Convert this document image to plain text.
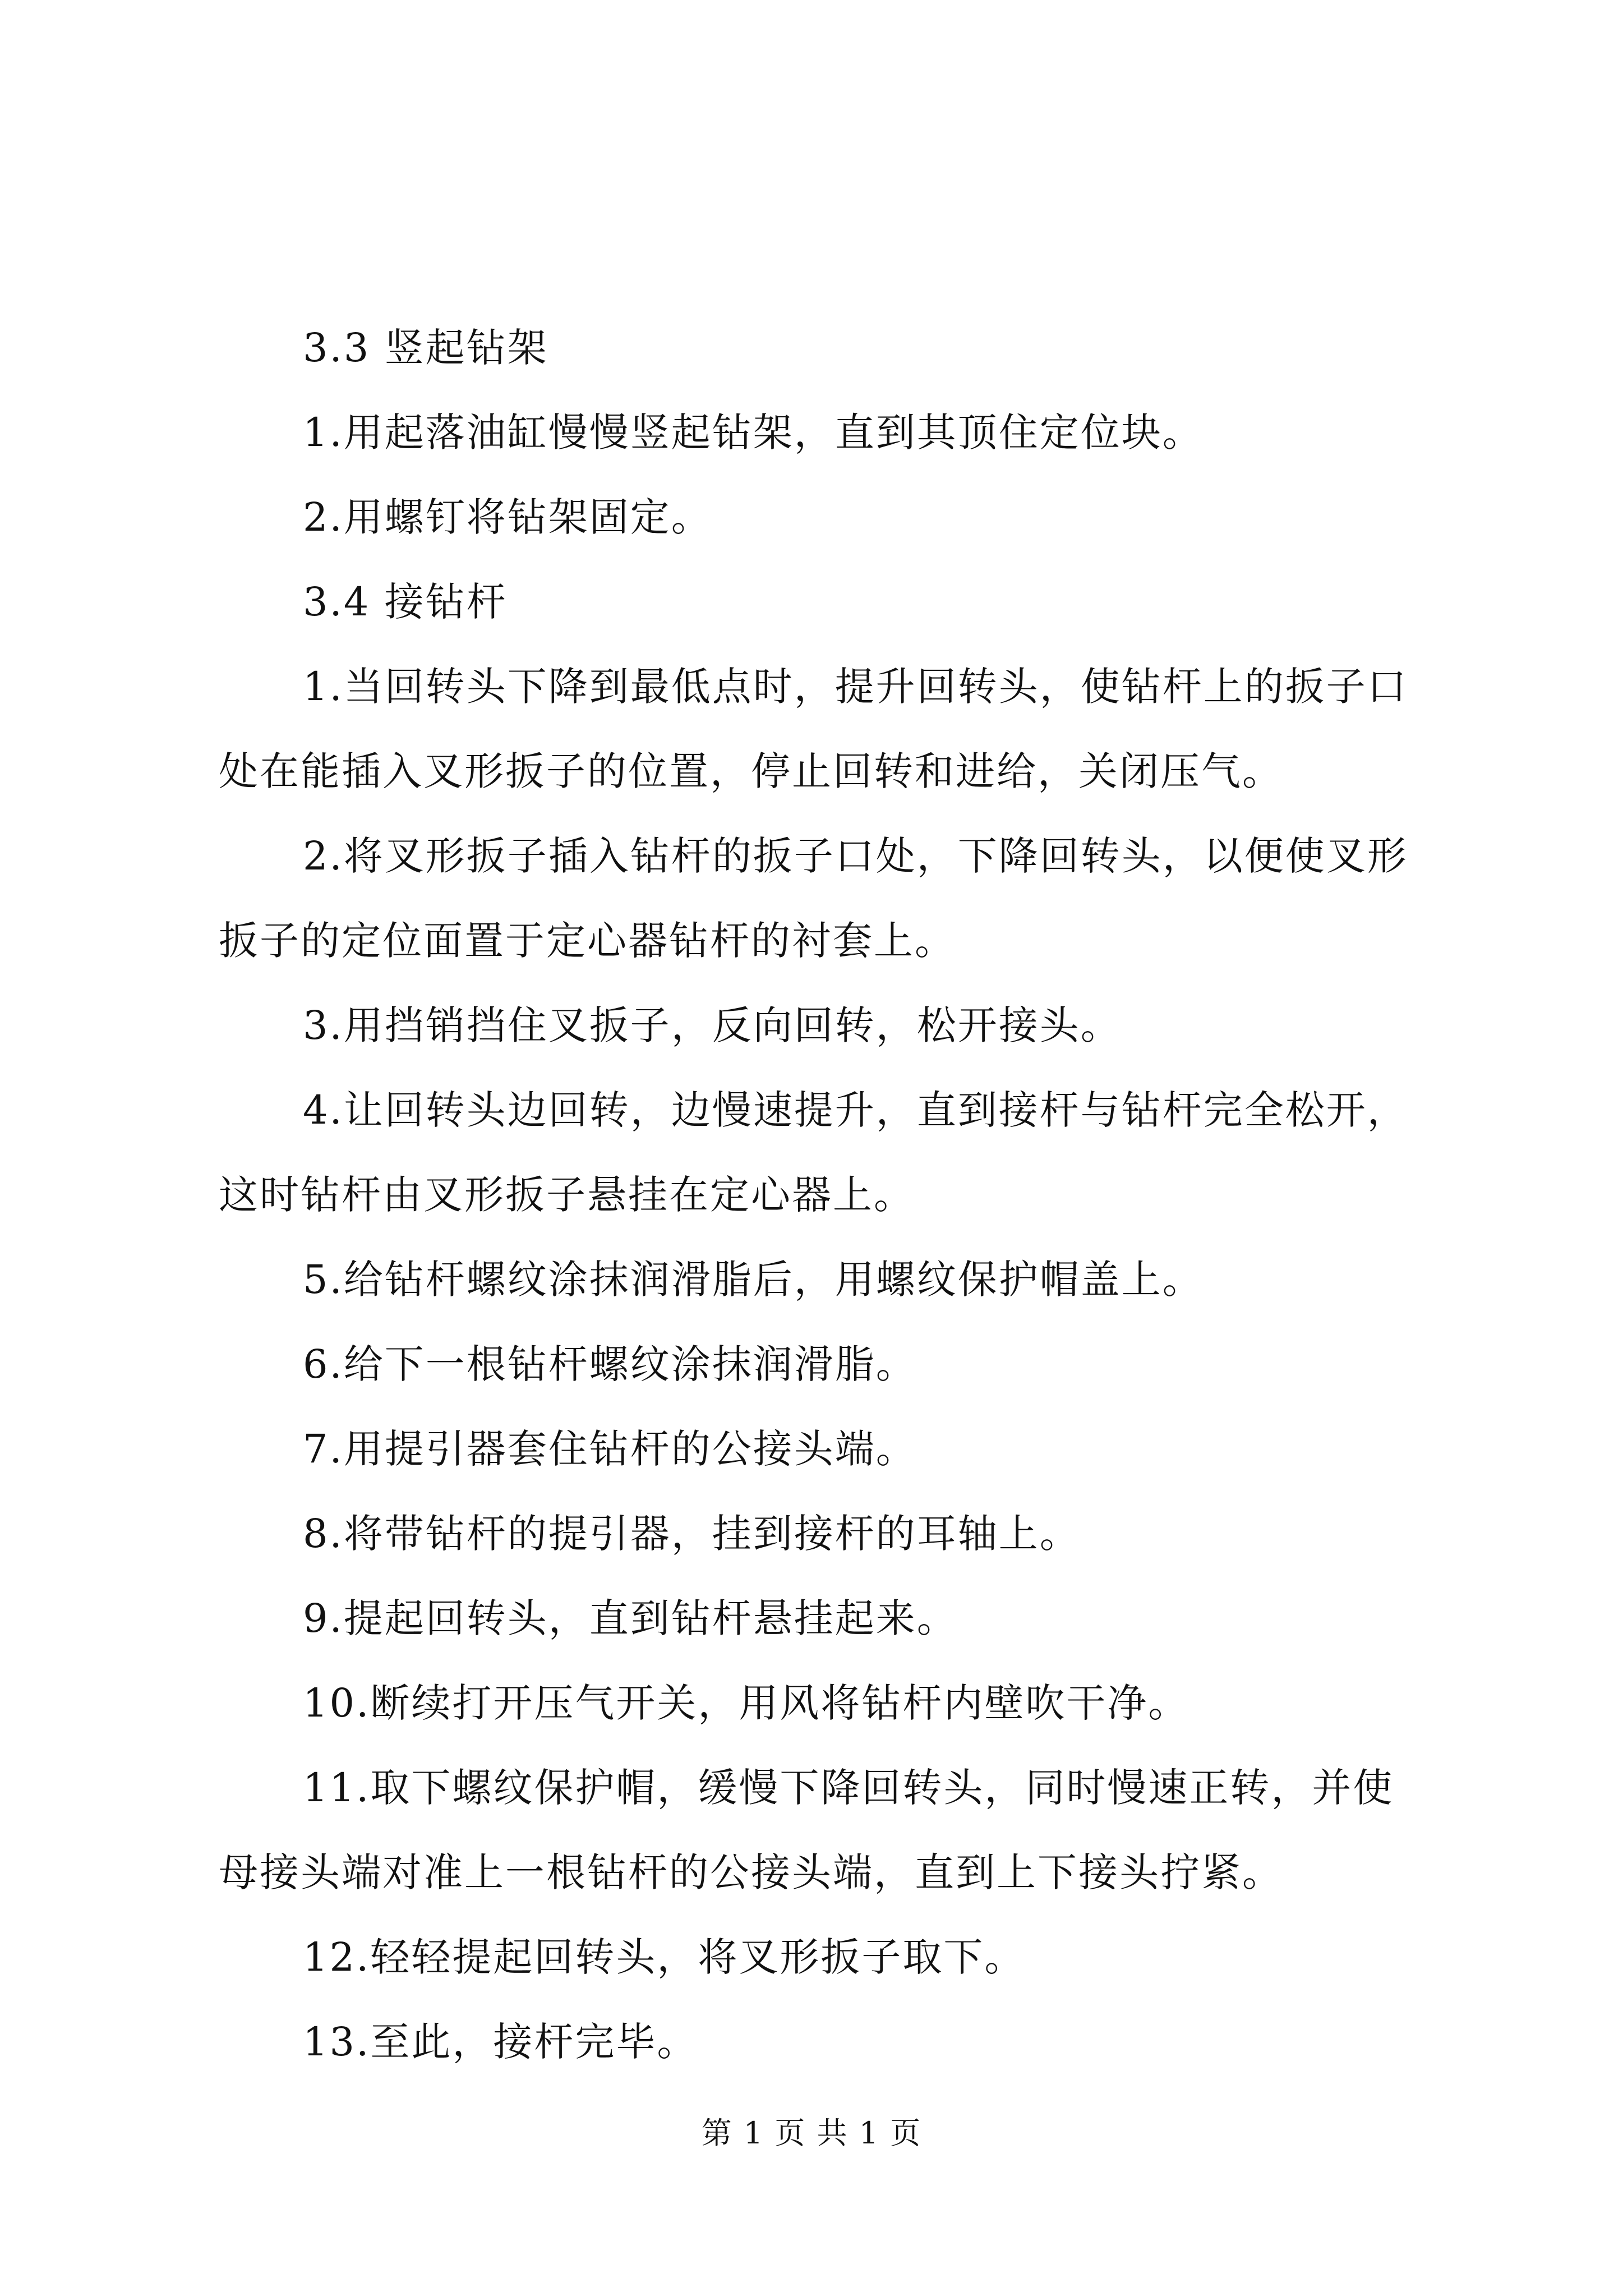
3.3 竖起钻架

1.用起落油缸慢慢竖起钻架，直到其顶住定位块。

2.用螺钉将钻架固定。

3.4 接钻杆

1.当回转头下降到最低点时，提升回转头，使钻杆上的扳子口处在能插入叉形扳子的位置，停止回转和进给，关闭压气。

2.将叉形扳子插入钻杆的扳子口处，下降回转头，以便使叉形扳子的定位面置于定心器钻杆的衬套上。

3.用挡销挡住叉扳子，反向回转，松开接头。

4.让回转头边回转，边慢速提升，直到接杆与钻杆完全松开，这时钻杆由叉形扳子悬挂在定心器上。

5.给钻杆螺纹涂抹润滑脂后，用螺纹保护帽盖上。

6.给下一根钻杆螺纹涂抹润滑脂。

7.用提引器套住钻杆的公接头端。

8.将带钻杆的提引器，挂到接杆的耳轴上。

9.提起回转头，直到钻杆悬挂起来。

10.断续打开压气开关，用风将钻杆内壁吹干净。

11.取下螺纹保护帽，缓慢下降回转头，同时慢速正转，并使母接头端对准上一根钻杆的公接头端，直到上下接头拧紧。

12.轻轻提起回转头，将叉形扳子取下。

13.至此，接杆完毕。

第 1 页 共 1 页
